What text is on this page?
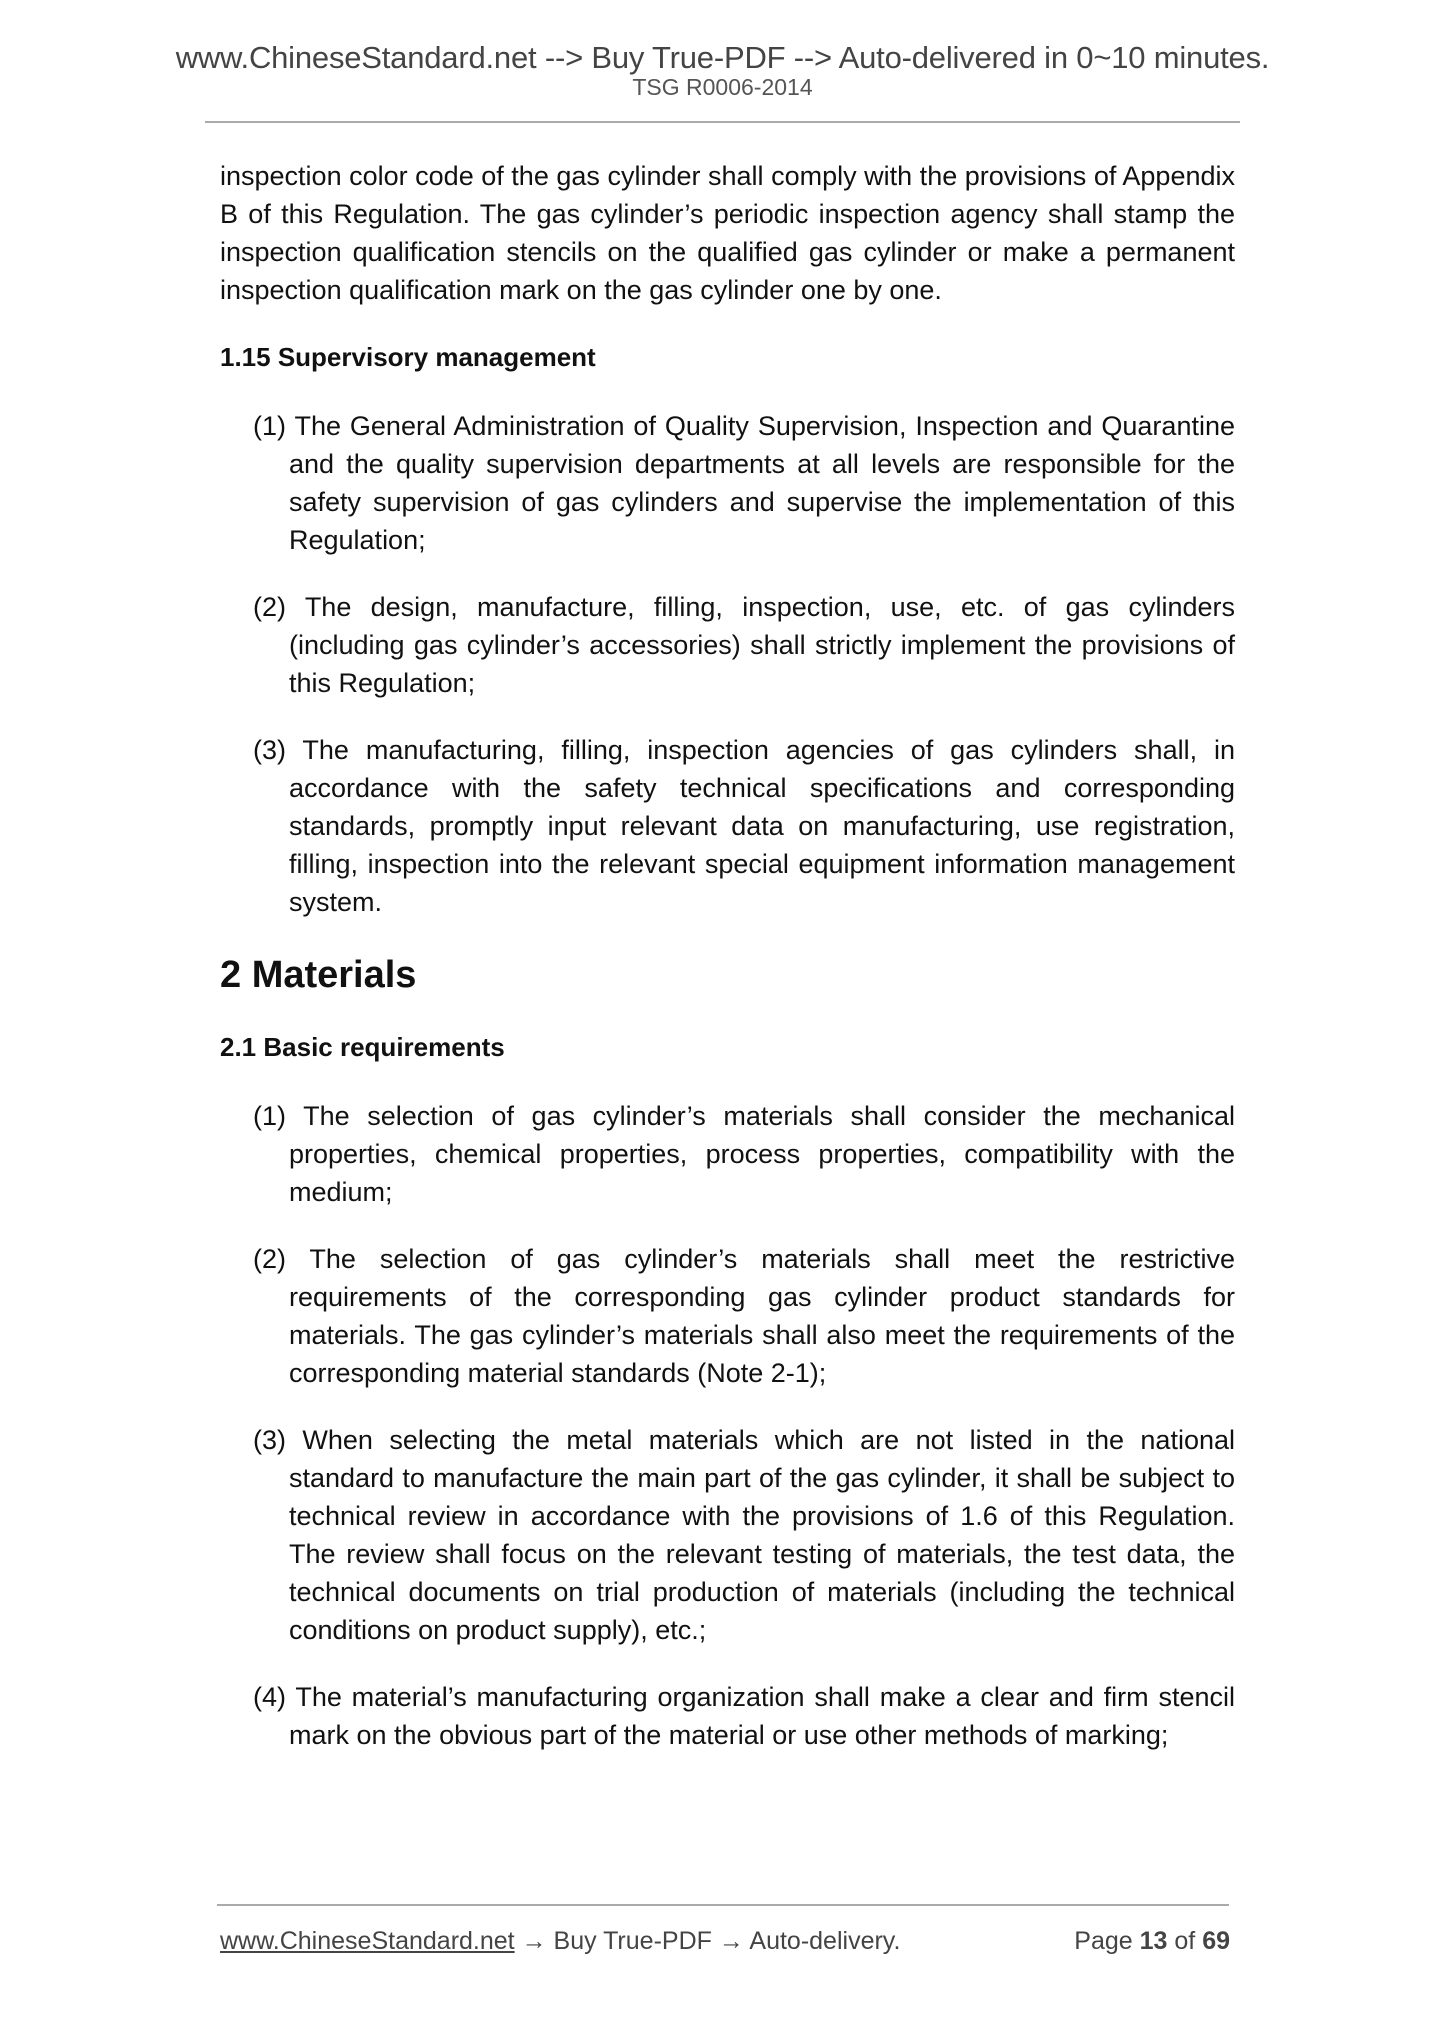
www.ChineseStandard.net --> Buy True-PDF --> Auto-delivered in 0~10 minutes.
TSG R0006-2014

inspection color code of the gas cylinder shall comply with the provisions of Appendix B of this Regulation. The gas cylinder’s periodic inspection agency shall stamp the inspection qualification stencils on the qualified gas cylinder or make a permanent inspection qualification mark on the gas cylinder one by one.

1.15 Supervisory management

(1) The General Administration of Quality Supervision, Inspection and Quarantine and the quality supervision departments at all levels are responsible for the safety supervision of gas cylinders and supervise the implementation of this Regulation;

(2) The design, manufacture, filling, inspection, use, etc. of gas cylinders (including gas cylinder’s accessories) shall strictly implement the provisions of this Regulation;

(3) The manufacturing, filling, inspection agencies of gas cylinders shall, in accordance with the safety technical specifications and corresponding standards, promptly input relevant data on manufacturing, use registration, filling, inspection into the relevant special equipment information management system.

2 Materials

2.1 Basic requirements

(1) The selection of gas cylinder’s materials shall consider the mechanical properties, chemical properties, process properties, compatibility with the medium;

(2) The selection of gas cylinder’s materials shall meet the restrictive requirements of the corresponding gas cylinder product standards for materials. The gas cylinder’s materials shall also meet the requirements of the corresponding material standards (Note 2-1);

(3) When selecting the metal materials which are not listed in the national standard to manufacture the main part of the gas cylinder, it shall be subject to technical review in accordance with the provisions of 1.6 of this Regulation. The review shall focus on the relevant testing of materials, the test data, the technical documents on trial production of materials (including the technical conditions on product supply), etc.;

(4) The material’s manufacturing organization shall make a clear and firm stencil mark on the obvious part of the material or use other methods of marking;

www.ChineseStandard.net → Buy True-PDF → Auto-delivery.	Page 13 of 69
